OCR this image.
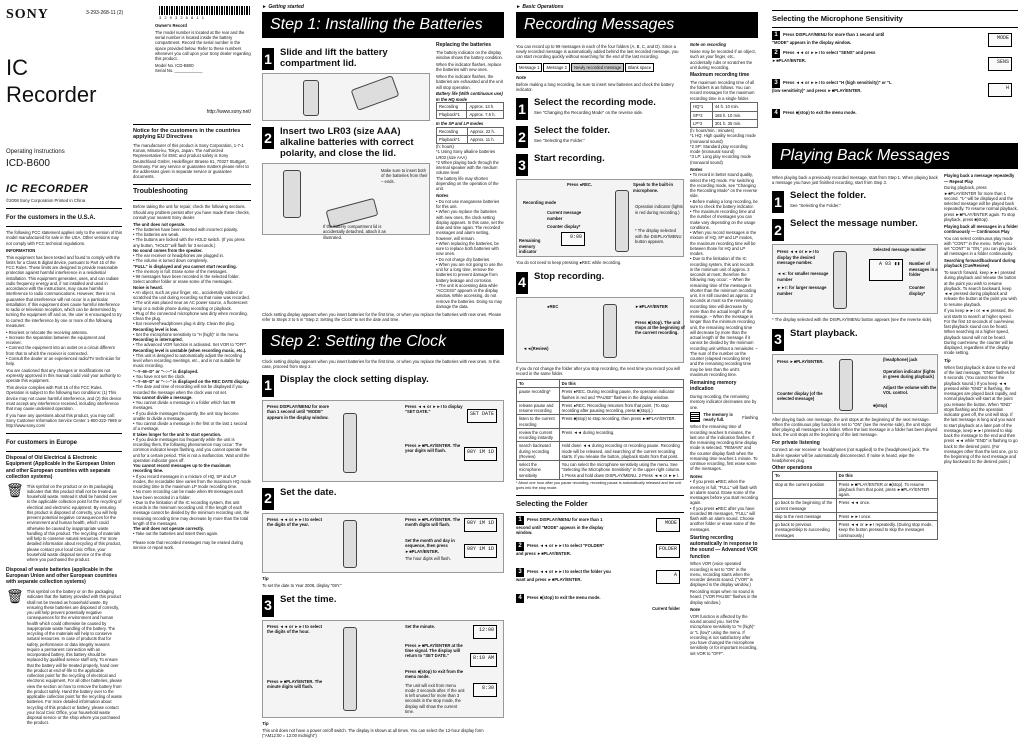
SONY	3-293-268-11 (2)
IC Recorder
Operating Instructions
ICD-B600
IC RECORDER
©2008 Sony Corporation Printed in China
For the customers in the U.S.A.

The following FCC statement applies only to the version of this model manufactured for sale in the USA. Other versions may not comply with FCC technical regulations.

INFORMATION

This equipment has been tested and found to comply with the limits for a Class B digital device, pursuant to Part 15 of the FCC Rules. These limits are designed to provide reasonable protection against harmful interference in a residential installation. This equipment generates, uses, and can radiate radio frequency energy and, if not installed and used in accordance with the instructions, may cause harmful interference to radio communications. However, there is no guarantee that interference will not occur in a particular installation. If this equipment does cause harmful interference to radio or television reception, which can be determined by turning the equipment off and on, the user is encouraged to try to correct the interference by one or more of the following measures:

• Reorient or relocate the receiving antenna.
• Increase the separation between the equipment and receiver.
• Connect the equipment into an outlet on a circuit different from that to which the receiver is connected.
• Consult the dealer or an experienced radio/TV technician for help.

You are cautioned that any changes or modifications not expressly approved in this manual could void your authority to operate this equipment.

This device complies with Part 15 of the FCC Rules. Operation is subject to the following two conditions: (1) This device may not cause harmful interference, and (2) this device must accept any interference received, including interference that may cause undesired operation.

If you have any questions about this product, you may call: Sony Customer Information Service Center 1-800-222-7669 or http://www.sony.com/

For customers in Europe
Disposal of Old Electrical & Electronic Equipment (Applicable in the European Union and other European countries with separate collection systems)
🗑 This symbol on the product or on its packaging indicates that this product shall not be treated as household waste. Instead it shall be handed over to the applicable collection point for the recycling of electrical and electronic equipment. By ensuring this product is disposed of correctly, you will help prevent potential negative consequences for the environment and human health, which could otherwise be caused by inappropriate waste handling of this product. The recycling of materials will help to conserve natural resources. For more detailed information about recycling of this product, please contact your local Civic Office, your household waste disposal service or the shop where you purchased the product.

Disposal of waste batteries (applicable in the European Union and other European countries with separate collection systems)
🗑 This symbol on the battery or on the packaging indicates that the battery provided with this product shall not be treated as household waste. By ensuring these batteries are disposed of correctly, you will help prevent potentially negative consequences for the environment and human health which could otherwise be caused by inappropriate waste handling of the battery. The recycling of the materials will help to conserve natural resources. In case of products that for safety, performance or data integrity reasons require a permanent connection with an incorporated battery, this battery should be replaced by qualified service staff only. To ensure that the battery will be treated properly, hand over the product at end-of-life to the applicable collection point for the recycling of electrical and electronic equipment. For all other batteries, please view the section on how to remove the battery from the product safely. Hand the battery over to the applicable collection point for the recycling of waste batteries. For more detailed information about recycling of this product or battery, please contact your local Civic Office, your household waste disposal service or the shop where you purchased the product.

3 2 9 3 2 6 8 1 1
Owner's Record

The model number is located at the rear and the serial number is located inside the battery compartment. Record the serial number in the space provided below. Refer to these numbers whenever you call upon your Sony dealer regarding this product.

Model No. ICD-B600
Serial No. ____________
http://www.sony.net/
Notice for the customers in the countries applying EU Directives

The manufacturer of this product is Sony Corporation, 1-7-1 Konan, Minato-ku, Tokyo, Japan. The Authorized Representative for EMC and product safety is Sony Deutschland GmbH, Hedelfinger Strasse 61, 70327 Stuttgart, Germany. For any service or guarantee matters please refer to the addresses given in separate service or guarantee documents.

Troubleshooting

Before taking the unit for repair, check the following sections. Should any problem persist after you have made these checks, consult your nearest Sony dealer.

The unit does not operate.
• The batteries have been inserted with incorrect polarity.
• The batteries are weak.
• The buttons are locked with the HOLD switch. (If you press any button, "HOLD" will flash for 3 seconds.)
No sound comes from the speaker.
• The ear receiver or headphones are plugged in.
• The volume is turned down completely.
"FULL" is displayed and you cannot start recording.
• The memory is full. Erase some of the messages.
• 99 messages have been recorded in the selected folder. Select another folder or erase some of the messages.
Noise is heard.
• An object, such as your finger, etc., accidentally rubbed or scratched the unit during recording so that noise was recorded.
• The unit was placed near an AC power source, a fluorescent lamp or a mobile phone during recording or playback.
• Plug of the connected microphone was dirty when recording. Clean the plug.
• Ear receiver/headphones plug is dirty. Clean the plug.
Recording level is low.
• Set the microphone sensitivity to "H (high)" in the menu.
Recording is interrupted.
• The advanced VOR function is activated. Set VOR to "OFF".
Recording level is unstable (when recording music, etc.).
• This unit is designed to automatically adjust the recording level when recording meetings, etc., and is not suitable for music recording.
"--Y--M--D" or "--:--" is displayed.
• You have not set the clock.
"--Y--M--D" or "--:--" is displayed on the REC DATE display.
• The date and time of recording will not be displayed if you recorded the message when the clock was not set.
You cannot divide a message.
• You cannot divide a message in a folder which has 99 messages.
• If you divide messages frequently, the unit may become unable to divide a message.
• You cannot divide a message in the first or the last 1 second of a message.
It takes longer for the unit to start operation.
• If you divide messages too frequently while the unit is recording them, the following phenomenon may occur: The common indicator keeps flashing, and you cannot operate the unit for a certain period. This is not a malfunction. Wait until the operation indicator goes off.
You cannot record messages up to the maximum recording time.
• If you record messages in a mixture of HQ, SP and LP modes, the recordable time varies from the maximum HQ mode recording time to the maximum LP mode recording time.
• No more recording can be made when 99 messages each have been recorded in a folder.
• Due to the limitation of the IC recording system, this unit records in the minimum recording unit. If the length of each message cannot be divided by the minimum recording unit, the remaining recording time may decrease by more than the total length of the messages.
The unit does not operate correctly.
• Take out the batteries and insert them again.

Please note that recorded messages may be erased during service or repair work.

► Getting started
Step 1: Installing the Batteries
1 Slide and lift the battery compartment lid.
2 Insert two LR03 (size AAA) alkaline batteries with correct polarity, and close the lid.
Make sure to insert both of the batteries from their – ends.
If the battery compartment lid is accidentally detached, attach it as illustrated.
Replacing the batteries

The battery indicator on the display window shows the battery condition.

When the indicator flashes, replace the batteries with new ones.

When the indicator flashes, the batteries are exhausted and the unit will stop operation.

Battery life (With continuous use)
In the HQ mode
Recording	Approx. 13 h.
Playback*1	Approx. 7.5 h.
In the SP and LP modes
Recording	Approx. 22 h.
Playback*1	Approx. 11 h.
(h: hours)
*1 Using Sony alkaline batteries LR03 (size AAA)
*2 When playing back through the internal speaker with the medium volume level
The battery life may shorten depending on the operation of the unit.
Notes
• Do not use manganese batteries for this unit.
• When you replace the batteries with new ones, the clock setting display appears. In this case, set the date and time again. The recorded messages and alarm setting, however, will remain.
• When replacing the batteries, be sure to replace both batteries with new ones.
• Do not charge dry batteries.
• When you are not going to use the unit for a long time, remove the batteries to prevent damage from battery leakage and corrosion.
• The unit is accessing data while "ACCESS" appears in the display window. While accessing, do not remove the batteries. Doing so may damage the data.

Clock setting display appears when you insert batteries for the first time, or when you replace the batteries with new ones. Please refer to Steps 3 to 5 in "Step 2: Setting the Clock" to set the date and time.

Step 2: Setting the Clock

Clock setting display appears when you insert batteries for the first time, or when you replace the batteries with new ones. In this case, proceed from step 2.

1 Display the clock setting display.
Press DISPLAY/MENU for more than 1 second until "MODE" appears in the display window.
Press ◄◄ or ►►I to display "SET DATE."
Press ►■PLAY/ENTER. The year digits will flash.
SET DATE
08Y 1M 1D
2 Set the date.
Press ◄◄ or ►►I to select the digits of the year.
Press ►■PLAY/ENTER. The month digits will flash.
Set the month and day in sequence, then press ►■PLAY/ENTER.
The hour digits will flash.
08Y 1M 1D
08Y 1M 1D
Tip

To set the date to Year 2008, display "08Y."

3 Set the time.
Press ◄◄ or ►►I to select the digits of the hour.
Press ►■PLAY/ENTER. The minute digits will flash.
Set the minute.
Press ►■PLAY/ENTER at the time signal. The display will return to "SET DATE."
Press ■(stop) to exit from the menu mode.
The unit will exit from menu mode 3 seconds after. If the unit is left unused for more than 3 seconds in the stop mode, the display will show the current time.
12:00
8:10 AM
8:30
Tip

This unit does not have a power on/off switch. The display is shown at all times. You can select the 12-hour display form ("AM12:00 = 12:00 midnight")

► Basic Operations
Recording Messages

You can record up to 99 messages in each of the four folders (A, B, C, and D). Since a newly recorded message is automatically added behind the last recorded message, you can start recording quickly without searching for the end of the last recording.

Message 1	Message 2	Newly recorded message	Blank space
Note

Before making a long recording, be sure to insert new batteries and check the battery indicator.

1 Select the recording mode.
See "Changing the Recording Mode" on the reverse side.
2 Select the folder.
See "Selecting the Folder."
3 Start recording.
Press ●REC.	Speak to the built-in microphone.
Recording mode
Current message number
Counter display*
Remaining memory indicator
0:00
Operation indicator (lights in red during recording.)
* The display selected with the DISPLAY/MENU button appears.

You do not need to keep pressing ●REC while recording.

4 Stop recording.
●REC	►■PLAY/ENTER
Press ■(stop). The unit stops at the beginning of the current recording.
◄◄(Review)

If you do not change the folder after you stop recording, the next time you record you will record in the same folder.

To	Do this
pause recording*	Press ●REC. During recording pause, the operation indicator flashes in red and "PAUSE" flashes in the display window.
release pause and resume recording	Press ●REC. Recording resumes from that point. (To stop recording after pausing recording, press ■(stop).)
listen to the current recording	Press ■(stop) to stop recording, then press ►■PLAY/ENTER.
review the current recording instantly	Press ◄◄ during recording.
search backward during recording (Review)	Hold down ◄◄ during recording or recording pause. Recording mode will be released, and searching of the current recording starts. If you release the button, playback starts from that point.
select the microphone sensitivity	You can select the microphone sensitivity using the menu. See "Selecting the Microphone Sensitivity" in the upper right column. 1 Press and hold down DISPLAY/MENU. 2 Press ◄◄ or ►►I.

* About one hour after you pause recording, recording pause is automatically released and the unit goes into the stop mode.

Selecting the Folder
1 Press DISPLAY/MENU for more than 1 second until "MODE" appears in the display window.
2 Press ◄◄ or ►►I to select "FOLDER" and press ►■PLAY/ENTER.
3 Press ◄◄ or ►►I to select the folder you want and press ►■PLAY/ENTER.
4 Press ■(stop) to exit the menu mode.
MODE
FOLDER
A
Current folder
Note on recording

Noise may be recorded if an object, such as your finger, etc., accidentally rubs or scratches the unit during recording.

Maximum recording time

The maximum recording time of all the folders is as follows. You can record messages for the maximum recording time in a single folder.

HQ*1	44 h. 10 min.
SP*2	165 h. 10 min.
LP*3	301 h. 35 min.
(h: hours/min.: minutes)
*1 HQ: High quality recording mode (monaural sound)
*2 SP: Standard play recording mode (monaural sound)
*3 LP: Long play recording mode (monaural sound)
Notes
• To record in better sound quality, select the HQ mode. For switching the recording mode, see "Changing the Recording Mode" on the reverse side.
• Before making a long recording, be sure to check the battery indicator.
• The maximum recording time and the number of messages you can make vary depending on the usage conditions.
• When you record messages in the mixture of HQ, SP and LP modes, the maximum recording time will be between those for HQ and LP modes.
• Due to the limitation of the IC recording system, this unit records in the minimum unit of approx. 2 seconds at most, therefore the following may occur: – When the remaining time of the message is shorter than the minimum recording unit, it is still counted as approx. 2 seconds at most so the remaining recording time will decrease by more than the actual length of the message. – When the message is longer than the minimum recording unit, the remaining recording time will decrease by more than the actual length of the message if it cannot be divided by the minimum recording unit without a remainder. – The sum of the number on the counter (elapsed recording time) and the remaining recording time may be less than the unit's maximum recording time.
Remaining memory indication

During recording, the remaining memory indicator decreases one by one.

The memory is nearly full.
Flashing

When the remaining time of recording reaches 5 minutes, the last one of the indication flashes. If the remaining recording time display mode is selected, "REMAIN" and the counter display flash when the remaining time reaches 1 minute. To continue recording, first erase some of the messages.

Notes
• If you press ●REC when the memory is full, "FULL" will flash with an alarm sound. Erase some of the messages before you start recording again.
• If you press ●REC after you have recorded 99 messages, "FULL" will flash with an alarm sound. Choose another folder or erase some of the messages.
Starting recording automatically in response to the sound — Advanced VOR function

When VOR (voice operated recording) is set to "ON" in the menu, recording starts when the recorder detects sound. ("VOR" is displayed in the display window.)

Recording stops when no sound is heard. ("VOR PAUSE" flashes in the display window.)

Note

VOR function is affected by the sound around you. Set the microphone sensitivity to "H (high)" or "L (low)" using the menu. If recording is not satisfactory after you have changed the microphone sensitivity or for important recording, set VOR to "OFF".

Selecting the Microphone Sensitivity
1 Press DISPLAY/MENU for more than 1 second until "MODE" appears in the display window.
2 Press ◄◄ or ►►I to select "SENS" and press ►■PLAY/ENTER.
3 Press ◄◄ or ►►I to select "H (high sensitivity)" or "L (low sensitivity)" and press ►■PLAY/ENTER.
4 Press ■(stop) to exit the menu mode.
MODE
SENS
H
Playing Back Messages

When playing back a previously recorded message, start from Step 1. When playing back a message you have just finished recording, start from Step 3.

1 Select the folder.
See "Selecting the Folder."
2 Select the message number.
Press ◄◄ or ►►I to display the desired message number.
◄◄: for smaller message number
►►I: for larger message number
Selected message number
A 03 ▮▮	Number of messages in a folder
Counter display*

* The display selected with the DISPLAY/MENU button appears (see the reverse side).

3 Start playback.
Press ►■PLAY/ENTER.	(headphone) jack
Operation indicator (lights in green during playback)
Adjust the volume with the VOL control.
Counter display (of the selected message)
■(stop)

After playing back one message, the unit stops at the beginning of the next message. When the continuous play function is set to "ON" (see the reverse side), the unit stops after playing all messages in a folder. When the last message in a folder has been played back, the unit stops at the beginning of the last message.

For private listening

Connect an ear receiver or headphones (not supplied) to the (headphones) jack. The built-in speaker will be automatically disconnected. If noise is heard, wipe the headphones plug.

Other operations
To	Do this
stop at the current position	Press ►■PLAY/ENTER or ■(stop). To resume playback from that point, press ►■PLAY/ENTER again.
go back to the beginning of the current message	Press ◄◄ once.
skip to the next message	Press ►►I once.
go back to previous messages/skip to succeeding messages	Press ◄◄ or ►►I repeatedly. (During stop mode, keep the button pressed to skip the messages continuously.)
Playing back a message repeatedly — Repeat Play

During playback, press ►■PLAY/ENTER for more than 1 second. "↻" will be displayed and the selected message will be played back repeatedly. To resume normal playback, press ►■PLAY/ENTER again. To stop playback, press ■(stop).

Playing back all messages in a folder continuously — Continuous Play

You can select continuous play mode with "CONT" in the menu. When you set "CONT" to "ON," you can play back all messages in a folder continuously.

Searching forward/backward during playback (Cue/Review)

To search forward, keep ►►I pressed during playback and release the button at the point you wish to resume playback. To search backward, keep ◄◄ pressed during playback and release the button at the point you wish to resume playback.

If you keep ►►I or ◄◄ pressed, the unit starts to search at higher speed. For the first 10 seconds of cue/review, fast playback sound can be heard. When searching at a higher speed, playback sound will not be heard. During cue/review, the counter will be displayed, regardless of the display mode setting.

Tip

When fast playback is done to the end of the last message, "END" flashes for 5 seconds. (You cannot hear the playback sound.) If you keep ◄◄ pressed while "END" is flashing, the messages are played back rapidly, and normal playback will start at the point you release the button. When "END" stops flashing and the operation indicator goes off, the unit will stop. If the last message is long and you want to start playback at a later part of the message, keep ►►I pressed to skip back the message to the end and then press ◄◄ while "END" is flashing to go back to the desired point. (For messages other than the last one, go to the beginning of the next message and play backward to the desired point.)
